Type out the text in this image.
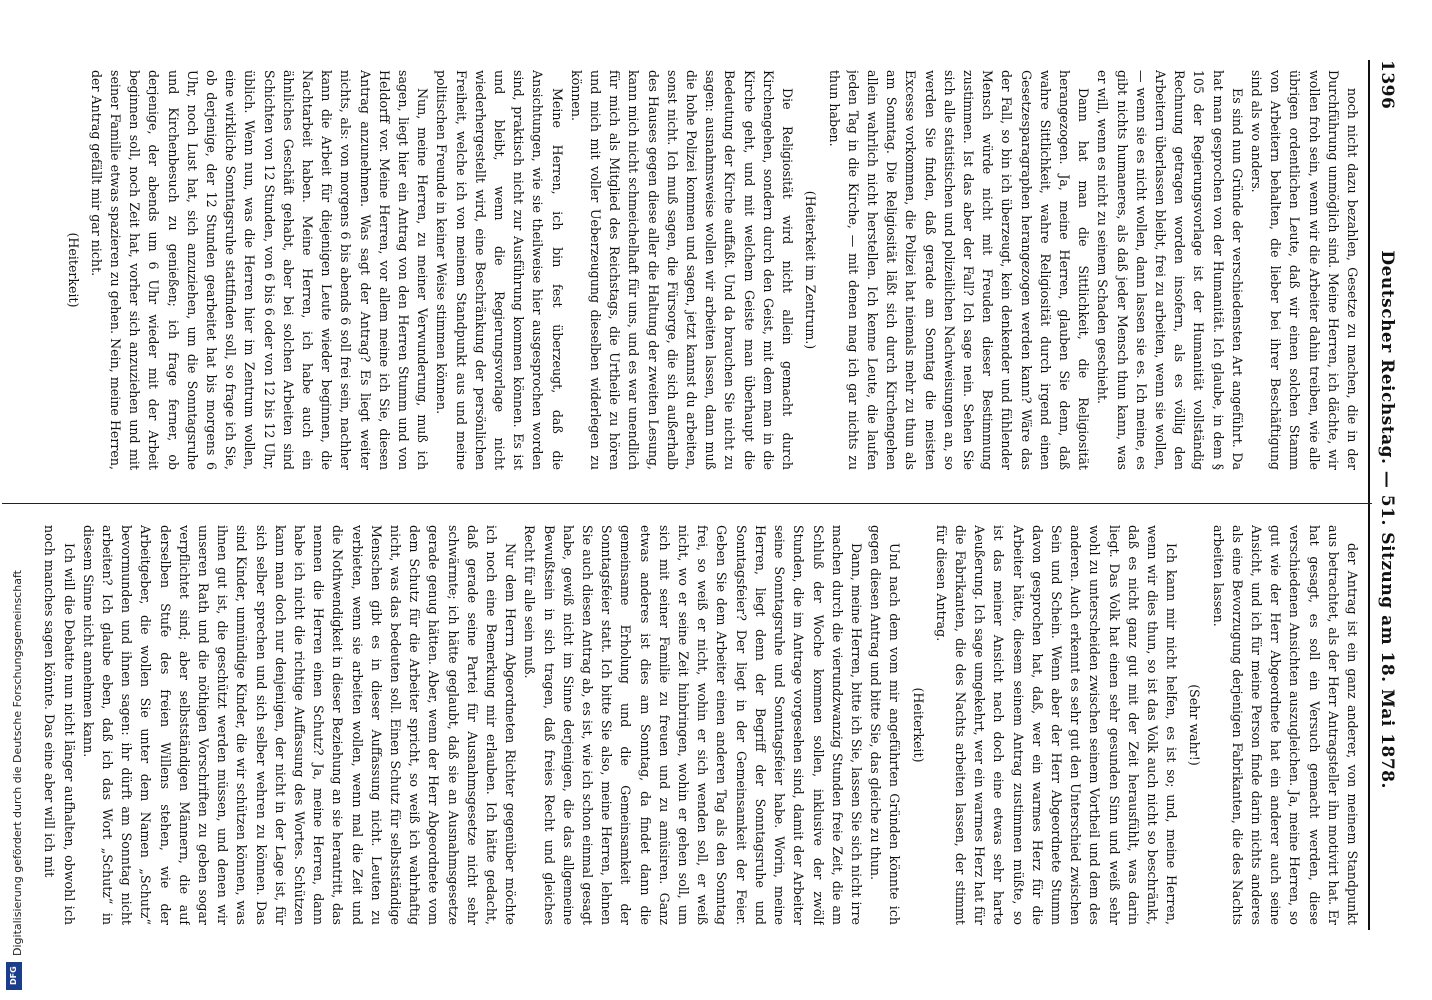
1396
Deutscher Reichstag. — 51. Sitzung am 18. Mai 1878.

noch nicht dazu bezahlen, Gesetze zu machen, die in der Durchführung unmöglich sind. Meine Herren, ich dächte, wir wollen froh sein, wenn wir die Arbeiter dahin treiben, wie alle übrigen ordentlichen Leute, daß wir einen solchen Stamm von Arbeitern behalten, die lieber bei ihrer Beschäftigung sind als wo anders.

Es sind nun Gründe der verschiedensten Art angeführt. Da hat man gesprochen von der Humanität. Ich glaube, in dem § 105 der Regierungsvorlage ist der Humanität vollständig Rechnung getragen worden insofern, als es völlig den Arbeitern überlassen bleibt, frei zu arbeiten, wenn sie wollen, — wenn sie es nicht wollen, dann lassen sie es. Ich meine, es gibt nichts humaneres, als daß jeder Mensch thun kann, was er will, wenn es nicht zu seinem Schaden geschieht.

Dann hat man die Sittlichkeit, die Religiosität herangezogen. Ja, meine Herren, glauben Sie denn, daß wahre Sittlichkeit, wahre Religiosität durch irgend einen Gesetzesparagraphen herangezogen werden kann? Wäre das der Fall, so bin ich überzeugt, kein denkender und fühlender Mensch würde nicht mit Freuden dieser Bestimmung zustimmen. Ist das aber der Fall? Ich sage nein. Sehen Sie sich alle statistischen und polizeilichen Nachweisungen an, so werden Sie finden, daß gerade am Sonntag die meisten Excesse vorkommen, die Polizei hat niemals mehr zu thun als am Sonntag. Die Religiosität läßt sich durch Kirchengehen allein wahrlich nicht herstellen. Ich kenne Leute, die laufen jeden Tag in die Kirche, — mit denen mag ich gar nichts zu thun haben.

(Heiterkeit im Zentrum.)

Die Religiosität wird nicht allein gemacht durch Kirchengehen, sondern durch den Geist, mit dem man in die Kirche geht, und mit welchem Geiste man überhaupt die Bedeutung der Kirche auffaßt. Und da brauchen Sie nicht zu sagen: ausnahmsweise wollen wir arbeiten lassen, dann muß die hohe Polizei kommen und sagen, jetzt kannst du arbeiten, sonst nicht. Ich muß sagen, die Fürsorge, die sich außerhalb des Hauses gegen diese aller die Haltung der zweiten Lesung, kann mich nicht schmeichelhaft für uns, und es war unendlich für mich als Mitglied des Reichstags, die Urtheile zu hören und mich mit voller Ueberzeugung dieselben widerlegen zu können.

Meine Herren, ich bin fest überzeugt, daß die Ansichtungen, wie sie theilweise hier ausgesprochen worden sind, praktisch nicht zur Ausführung kommen können. Es ist und bleibt, wenn die Regierungsvorlage nicht wiederhergestellt wird, eine Beschränkung der persönlichen Freiheit, welche ich von meinem Standpunkt aus und meine politischen Freunde in keiner Weise stimmen können.

Nun, meine Herren, zu meiner Verwunderung, muß ich sagen, liegt hier ein Antrag von den Herren Stumm und von Heldorff vor. Meine Herren, vor allem meine ich Sie, diesen Antrag anzunehmen. Was sagt der Antrag? Es liegt weiter nichts, als: von morgens 6 bis abends 6 soll frei sein, nachher kann die Arbeit für diejenigen Leute wieder beginnen, die Nachtarbeit haben. Meine Herren, ich habe auch ein ähnliches Geschäft gehabt, aber bei solchen Arbeiten sind Schichten von 12 Stunden, von 6 bis 6 oder von 12 bis 12 Uhr, üblich. Wenn nun, was die Herren hier im Zentrum wollen, eine wirkliche Sonntagsruhe stattfinden soll, so frage ich Sie, ob derjenige, der 12 Stunden gearbeitet hat bis morgens 6 Uhr, noch Lust hat, sich anzuziehen, um die Sonntagsruhe und Kirchenbesuch zu genießen; ich frage ferner, ob derjenige, der abends um 6 Uhr wieder mit der Arbeit beginnen soll, noch Zeit hat, vorher sich anzuziehen und mit seiner Familie etwas spazieren zu gehen. Nein, meine Herren, der Antrag gefällt mir gar nicht.

(Heiterkeit)

der Antrag ist ein ganz anderer, von meinem Standpunkt aus betrachtet, als der Herr Antragsteller ihn motivirt hat. Er hat gesagt, es soll ein Versuch gemacht werden, diese verschiedenen Ansichten auszugleichen. Ja, meine Herren, so gut wie der Herr Abgeordnete hat ein anderer auch seine Ansicht, und ich für meine Person finde darin nichts anderes als eine Bevorzugung derjenigen Fabrikanten, die des Nachts arbeiten lassen.

(Sehr wahr!)

Ich kann mir nicht helfen, es ist so; und, meine Herren, wenn wir dies thun, so ist das Volk auch nicht so beschränkt, daß es nicht ganz gut mit der Zeit herausfühlt, was darin liegt. Das Volk hat einen sehr gesunden Sinn und weiß sehr wohl zu unterscheiden zwischen seinem Vortheil und dem des anderen. Auch erkennt es sehr gut den Unterschied zwischen Sein und Schein. Wenn aber der Herr Abgeordnete Stumm davon gesprochen hat, daß, wer ein warmes Herz für die Arbeiter hätte, diesem seinem Antrag zustimmen müßte, so ist das meiner Ansicht nach doch eine etwas sehr harte Aeußerung. Ich sage umgekehrt, wer ein warmes Herz hat für die Fabrikanten, die des Nachts arbeiten lassen, der stimmt für diesen Antrag.

(Heiterkeit)

Und nach dem vom mir angeführten Gründen könnte ich gegen diesen Antrag und bitte Sie, das gleiche zu thun.

Dann, meine Herren, bitte ich Sie, lassen Sie sich nicht irre machen durch die vierundzwanzig Stunden freie Zeit, die am Schluß der Woche kommen sollen, inklusive der zwölf Stunden, die im Antrage vorgesehen sind, damit der Arbeiter seine Sonntagsruhe und Sonntagsfeier habe. Worin, meine Herren, liegt denn der Begriff der Sonntagsruhe und Sonntagsfeier? Der liegt in der Gemeinsamkeit der Feier. Geben Sie dem Arbeiter einen anderen Tag als den Sonntag frei, so weiß er nicht, wohin er sich wenden soll, er weiß nicht, wo er seine Zeit hinbringen, wohin er gehen soll, um sich mit seiner Familie zu freuen und zu amüsiren. Ganz etwas anderes ist dies am Sonntag, da findet dann die gemeinsame Erholung und die Gemeinsamkeit der Sonntagsfeier statt. Ich bitte Sie also, meine Herren, lehnen Sie auch diesen Antrag ab, es ist, wie ich schon einmal gesagt habe, gewiß nicht im Sinne derjenigen, die das allgemeine Bewußtsein in sich tragen, daß freies Recht und gleiches Recht für alle sein muß.

Nur dem Herrn Abgeordneten Richter gegenüber möchte ich noch eine Bemerkung mir erlauben. Ich hätte gedacht, daß gerade seine Partei für Ausnahmsgesetze nicht sehr schwärmte; ich hätte geglaubt, daß sie an Ausnahmsgesetze gerade genug hätten. Aber, wenn der Herr Abgeordnete vom dem Schutz für die Arbeiter spricht, so weiß ich wahrhaftig nicht, was das bedeuten soll. Einen Schutz für selbstständige Menschen gibt es in dieser Auffassung nicht. Leuten zu verbieten, wenn sie arbeiten wollen, wenn mal die Zeit und die Nothwendigkeit in dieser Beziehung an sie herantritt, das nennen die Herren einen Schutz? Ja, meine Herren, dann habe ich nicht die richtige Auffassung des Wortes. Schützen kann man doch nur denjenigen, der nicht in der Lage ist, für sich selber sprechen und sich selber wehren zu können. Das sind Kinder, unmündige Kinder, die wir schützen können, was ihnen gut ist, die geschützt werden müssen, und denen wir unseren Rath und die nöthigen Vorschriften zu geben sogar verpflichtet sind; aber selbstständigen Männern, die auf derselben Stufe des freien Willens stehen, wie der Arbeitgeber, die wollen Sie unter dem Namen „Schutz“ bevormunden und ihnen sagen: ihr dürft am Sonntag nicht arbeiten? Ich glaube eben, daß ich das Wort „Schutz“ in diesem Sinne nicht annehmen kann.

Ich will die Debatte nun nicht länger aufhalten, obwohl ich noch manches sagen könnte. Das eine aber will ich mit

Digitalisierung gefördert durch die Deutsche Forschungsgemeinschaft
DFG
